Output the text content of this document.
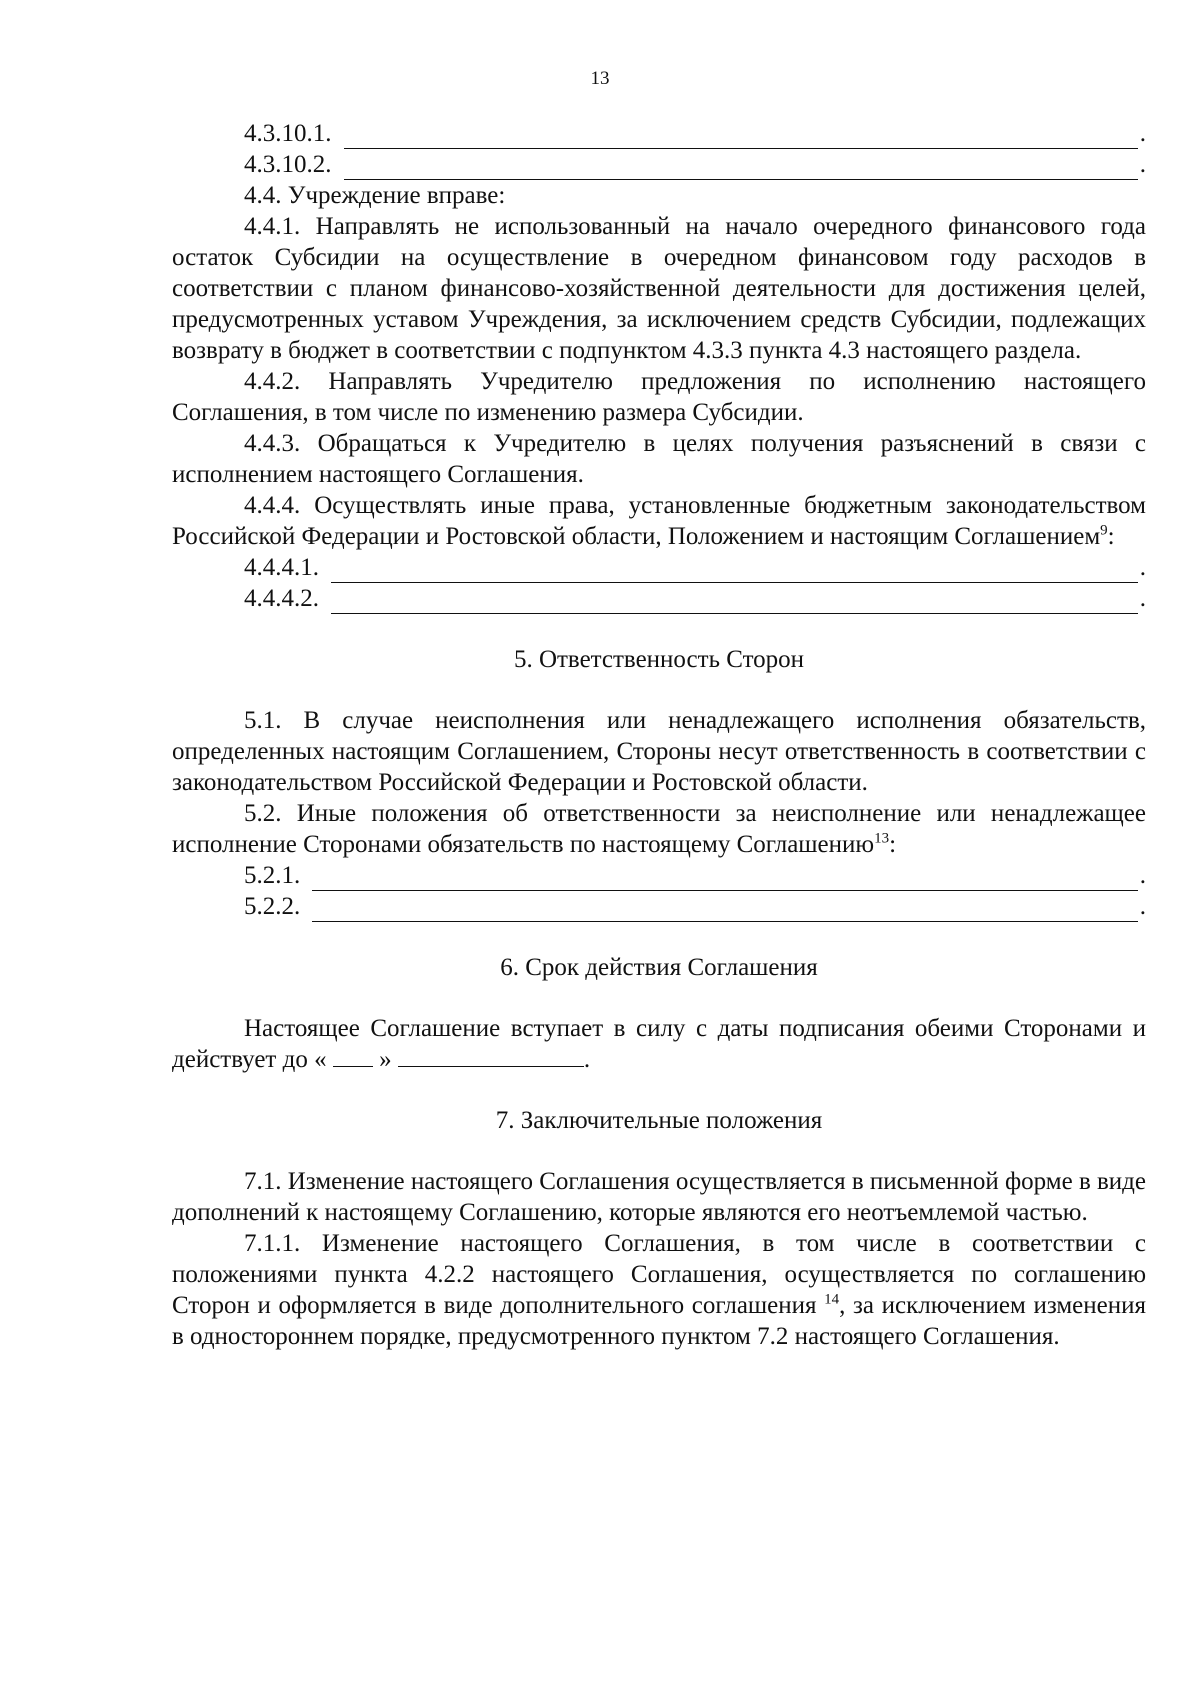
13
4.3.10.1.	.
4.3.10.2.	.

4.4. Учреждение вправе:

4.4.1. Направлять не использованный на начало очередного финансового года остаток Субсидии на осуществление в очередном финансовом году расходов в соответствии с планом финансово-хозяйственной деятельности для достижения целей, предусмотренных уставом Учреждения, за исключением средств Субсидии, подлежащих возврату в бюджет в соответствии с подпунктом 4.3.3 пункта 4.3 настоящего раздела.

4.4.2. Направлять Учредителю предложения по исполнению настоящего Соглашения, в том числе по изменению размера Субсидии.

4.4.3. Обращаться к Учредителю в целях получения разъяснений в связи с исполнением настоящего Соглашения.

4.4.4. Осуществлять иные права, установленные бюджетным законодательством Российской Федерации и Ростовской области, Положением и настоящим Соглашением$^9$:

4.4.4.1.	.
4.4.4.2.	.

5. Ответственность Сторон

5.1. В случае неисполнения или ненадлежащего исполнения обязательств, определенных настоящим Соглашением, Стороны несут ответственность в соответствии с законодательством Российской Федерации и Ростовской области.

5.2. Иные положения об ответственности за неисполнение или ненадлежащее исполнение Сторонами обязательств по настоящему Соглашению$^{13}$:

5.2.1.	.
5.2.2.	.

6. Срок действия Соглашения

Настоящее Соглашение вступает в силу с даты подписания обеими Сторонами и действует до « »	.

7. Заключительные положения

7.1. Изменение настоящего Соглашения осуществляется в письменной форме в виде дополнений к настоящему Соглашению, которые являются его неотъемлемой частью.

7.1.1. Изменение настоящего Соглашения, в том числе в соответствии с положениями пункта 4.2.2 настоящего Соглашения, осуществляется по соглашению Сторон и оформляется в виде дополнительного соглашения $^{14}$, за исключением изменения в одностороннем порядке, предусмотренного пунктом 7.2 настоящего Соглашения.
